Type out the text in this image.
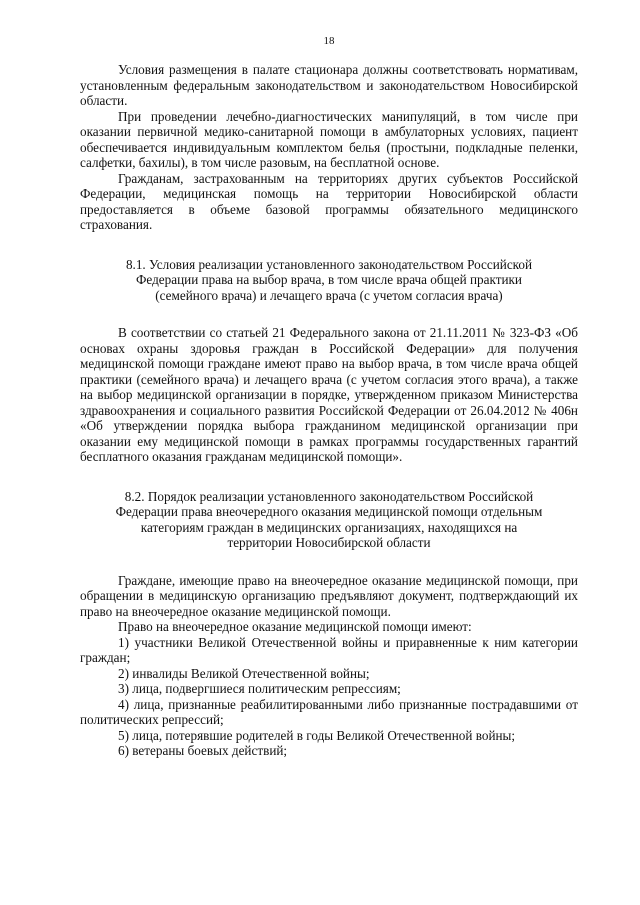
18

Условия размещения в палате стационара должны соответствовать нормативам, установленным федеральным законодательством и законодательством Новосибирской области.

При проведении лечебно-диагностических манипуляций, в том числе при оказании первичной медико-санитарной помощи в амбулаторных условиях, пациент обеспечивается индивидуальным комплектом белья (простыни, подкладные пеленки, салфетки, бахилы), в том числе разовым, на бесплатной основе.

Гражданам, застрахованным на территориях других субъектов Российской Федерации, медицинская помощь на территории Новосибирской области предоставляется в объеме базовой программы обязательного медицинского страхования.

8.1. Условия реализации установленного законодательством Российской Федерации права на выбор врача, в том числе врача общей практики (семейного врача) и лечащего врача (с учетом согласия врача)

В соответствии со статьей 21 Федерального закона от 21.11.2011 № 323-ФЗ «Об основах охраны здоровья граждан в Российской Федерации» для получения медицинской помощи граждане имеют право на выбор врача, в том числе врача общей практики (семейного врача) и лечащего врача (с учетом согласия этого врача), а также на выбор медицинской организации в порядке, утвержденном приказом Министерства здравоохранения и социального развития Российской Федерации от 26.04.2012 № 406н «Об утверждении порядка выбора гражданином медицинской организации при оказании ему медицинской помощи в рамках программы государственных гарантий бесплатного оказания гражданам медицинской помощи».

8.2. Порядок реализации установленного законодательством Российской Федерации права внеочередного оказания медицинской помощи отдельным категориям граждан в медицинских организациях, находящихся на территории Новосибирской области

Граждане, имеющие право на внеочередное оказание медицинской помощи, при обращении в медицинскую организацию предъявляют документ, подтверждающий их право на внеочередное оказание медицинской помощи.

Право на внеочередное оказание медицинской помощи имеют:

1) участники Великой Отечественной войны и приравненные к ним категории граждан;

2) инвалиды Великой Отечественной войны;

3) лица, подвергшиеся политическим репрессиям;

4) лица, признанные реабилитированными либо признанные пострадавшими от политических репрессий;

5) лица, потерявшие родителей в годы Великой Отечественной войны;

6) ветераны боевых действий;
